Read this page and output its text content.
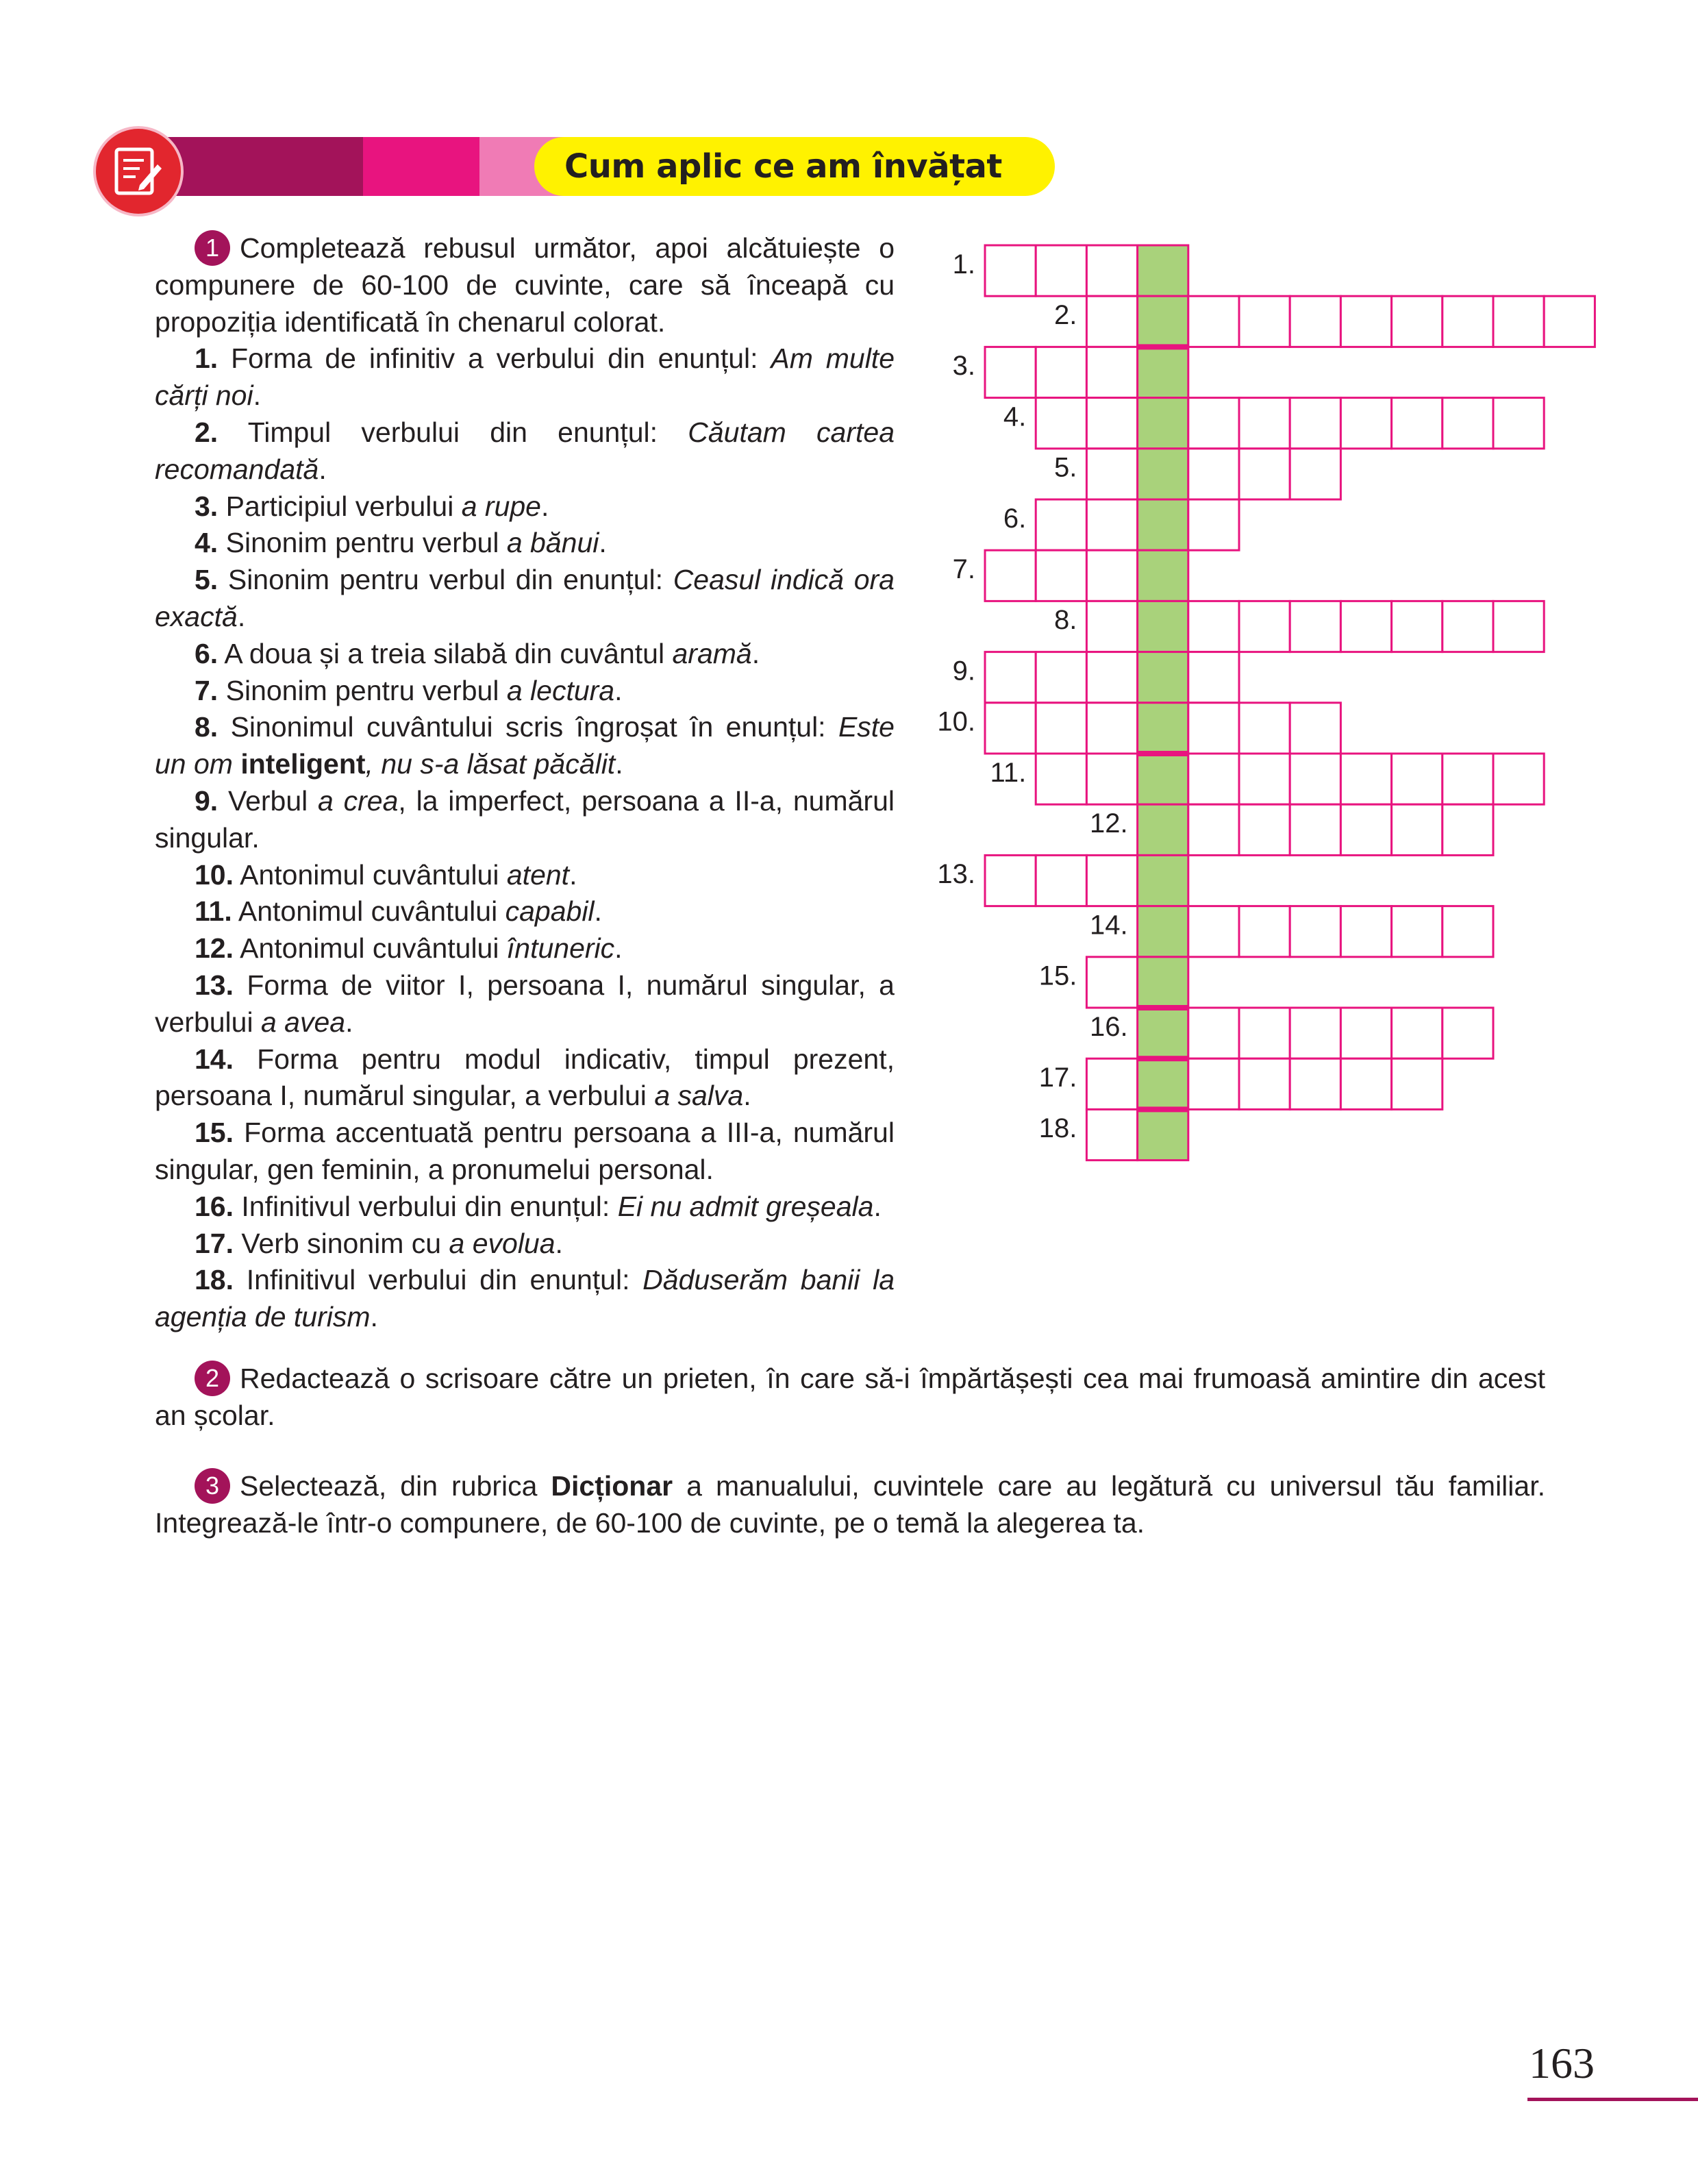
Cum aplic ce am învățat

1 Completează rebusul următor, apoi alcătuiește o compunere de 60-100 de cuvinte, care să înceapă cu propoziția identificată în chenarul colorat.

1. Forma de infinitiv a verbului din enunțul: Am multe cărți noi.

2. Timpul verbului din enunțul: Căutam cartea recomandată.

3. Participiul verbului a rupe.

4. Sinonim pentru verbul a bănui.

5. Sinonim pentru verbul din enunțul: Ceasul indică ora exactă.

6. A doua și a treia silabă din cuvântul aramă.

7. Sinonim pentru verbul a lectura.

8. Sinonimul cuvântului scris îngroșat în enunțul: Este un om inteligent, nu s-a lăsat păcălit.

9. Verbul a crea, la imperfect, persoana a II-a, numărul singular.

10. Antonimul cuvântului atent.

11. Antonimul cuvântului capabil.

12. Antonimul cuvântului întuneric.

13. Forma de viitor I, persoana I, numărul singular, a verbului a avea.

14. Forma pentru modul indicativ, timpul prezent, persoana I, numărul singular, a verbului a salva.

15. Forma accentuată pentru persoana a III-a, numărul singular, gen feminin, a pronumelui personal.

16. Infinitivul verbului din enunțul: Ei nu admit greșeala.

17. Verb sinonim cu a evolua.

18. Infinitivul verbului din enunțul: Dăduserăm banii la agenția de turism.

1.
2.
3.
4.
5.
6.
7.
8.
9.
10.
11.
12.
13.
14.
15.
16.
17.
18.

2 Redactează o scrisoare către un prieten, în care să-i împărtășești cea mai frumoasă amintire din acest an școlar.

3 Selectează, din rubrica Dicționar a manualului, cuvintele care au legătură cu universul tău familiar. Integrează-le într-o compunere, de 60-100 de cuvinte, pe o temă la alegerea ta.

163
